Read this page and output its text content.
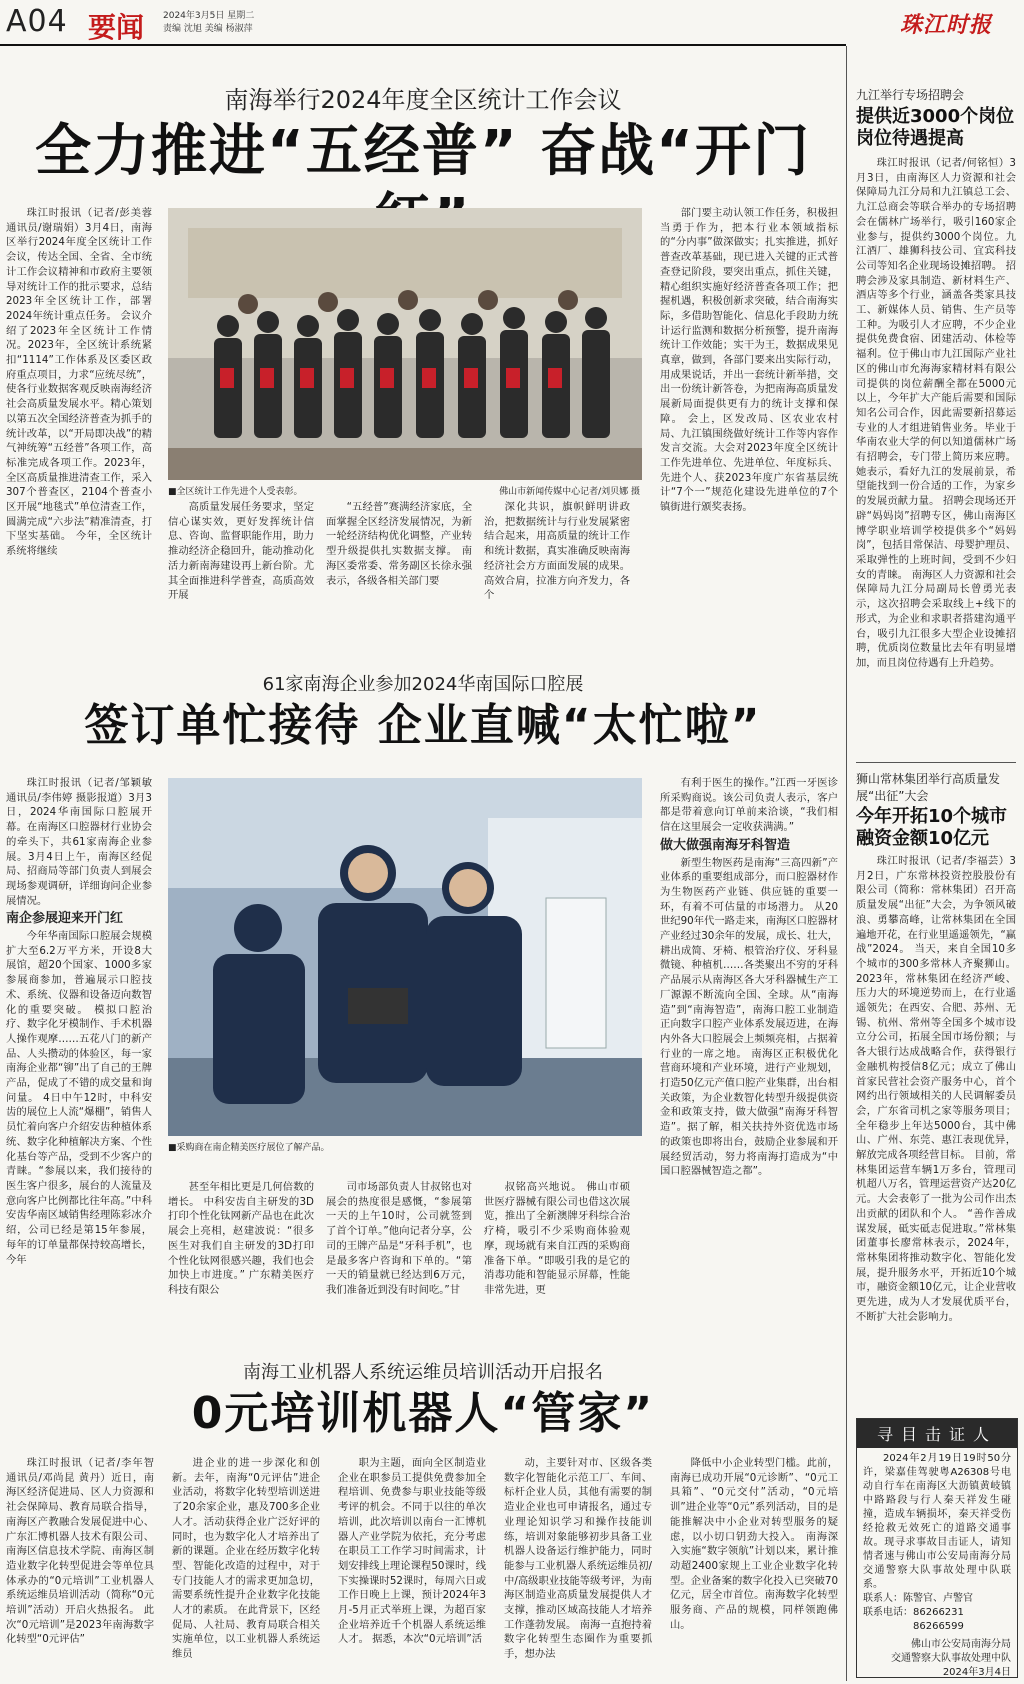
A04 要闻 2024年3月5日 星期二
责编 沈旭 美编 杨淑萍	珠江时报
南海举行2024年度全区统计工作会议
全力推进“五经普” 奋战“开门

珠江时报讯（记者/彭美蓉 通讯员/谢瑞娟）3月4日，南海区举行2024年度全区统计工作会议，传达全国、全省、全市统计工作会议精神和市政府主要领导对统计工作的批示要求，总结2023年全区统计工作，部署2024年统计重点任务。 会议介绍了2023年全区统计工作情况。2023年，全区统计系统紧扣“1114”工作体系及区委区政府重点项目，力求“应统尽统”，使各行业数据客观反映南海经济社会高质量发展水平。精心策划以第五次全国经济普查为抓手的统计改革，以“开局即决战”的精气神统筹“五经普”各项工作，高标准完成各项工作。2023年，全区高质量推进清查工作，采入307个普查区，2104个普查小区开展“地毯式”单位清查工作，圆满完成“六步法”精准清查，打下坚实基础。 今年，全区统计系统将继续

■全区统计工作先进个人受表彰。	佛山市新闻传媒中心记者/刘贝娜 摄

高质量发展任务要求，坚定信心谋实效，更好发挥统计信息、咨询、监督职能作用，助力推动经济企稳回升，能动推动化活力新南海建设再上新台阶。尤其全面推进科学普查，高质高效开展

“五经普”赛满经济家底，全面掌握全区经济发展情况，为新一轮经济结构优化调整，产业转型升级提供扎实数据支撑。 南海区委常委、常务副区长徐永强表示，各级各相关部门要

深化共识，旗帜鲜明讲政治，把数据统计与行业发展紧密结合起来，用高质量的统计工作和统计数据，真实准确反映南海经济社会方方面面发展的成果。高效合肩，拉准方向齐发力，各个

部门要主动认领工作任务，积极担当勇于作为，把本行业本领域指标的“分内事”做深做实；扎实推进，抓好普查改革基础，现已进入关键的正式普查登记阶段，要突出重点，抓住关键，精心组织实施好经济普查各项工作；把握机遇，积极创新求突破，结合南海实际，多借助智能化、信息化手段助力统计运行监测和数据分析预警，提升南海统计工作效能；实干为王，数据成果见真章，做到，各部门要来出实际行动，用成果说话，并出一套统计新举措，交出一份统计新答卷，为把南海高质量发展新局面提供更有力的统计支撑和保障。 会上，区发改局、区农业农村局、九江镇围绕做好统计工作等内容作发言交流。大会对2023年度全区统计工作先进单位、先进单位、年度标兵、先进个人、获2023年度广东省基层统计“7个一”规范化建设先进单位的7个镇街进行颁奖表扬。

61家南海企业参加2024华南国际口腔展
签订单忙接待 企业直喊“太忙啦”

珠江时报讯（记者/邹颖敏 通讯员/李伟婷 摄影报道）3月3日，2024华南国际口腔展开幕。在南海区口腔器材行业协会的牵头下，共61家南海企业参展。3月4日上午，南海区经促局、招商局等部门负责人到展会现场参观调研，详细询问企业参展情况。

南企参展迎来开门红

今年华南国际口腔展会规模扩大至6.2万平方米，开设8大展馆，超20个国家、1000多家参展商参加，普遍展示口腔技术、系统、仪器和设备迈向数智化的重要突破。 模拟口腔治疗、数字化牙模制作、手术机器人操作观摩……五花八门的新产品、人头攒动的体验区，每一家南海企业都“铆”出了自己的王牌产品，促成了不错的成交量和询问量。 4日中午12时，中科安齿的展位上人流“爆棚”，销售人员忙着向客户介绍安齿种植体系统、数字化种植解决方案、个性化基台等产品，受到不少客户的青睐。“参展以来，我们接待的医生客户很多，展台的人流量及意向客户比例都比往年高。”中科安齿华南区域销售经理陈彩冰介绍，公司已经是第15年参展，每年的订单量都保持较高增长，今年

■采购商在南企精美医疗展位了解产品。

甚至年相比更是几何倍数的增长。 中科安齿自主研发的3D打印个性化钛网新产品也在此次展会上亮相，赵建波说：“很多医生对我们自主研发的3D打印个性化钛网很感兴趣，我们也会加快上市进度。” 广东精美医疗科技有限公

司市场部负责人甘叔铭也对展会的热度很是感慨，“参展第一天的上午10时，公司就签到了首个订单。”他向记者分享，公司的王牌产品是“牙科手机”，也是最多客户咨询和下单的。“第一天的销量就已经达到6万元，我们准备近到没有时间吃。”甘

叔铭高兴地说。 佛山市硕世医疗器械有限公司也借这次展览，推出了全新澳牌牙科综合治疗椅，吸引不少采购商体验观摩，现场就有来自江西的采购商准备下单。“即吸引我的是它的消毒功能和智能显示屏幕，性能非常先进，更

有利于医生的操作。”江西一牙医诊所采购商说。该公司负责人表示，客户都是带着意向订单前来洽谈，“我们相信在这里展会一定收获满满。”

做大做强南海牙科智造

新型生物医药是南海“三高四新”产业体系的重要组成部分，而口腔器材作为生物医药产业链、供应链的重要一环，有着不可估量的市场潜力。 从20世纪90年代一路走来，南海区口腔器材产业经过30余年的发展，成长、壮大，耕出成简、牙椅、根管治疗仪、牙科显微镜、种植机……各类聚出不穷的牙科产品展示从南海区各大牙科器械生产工厂源源不断流向全国、全球。从“南海造”到“南海智造”，南海口腔工业制造正向数字口腔产业体系发展迈进，在海内外各大口腔展会上频频亮相，占据着行业的一席之地。 南海区正积极优化营商环境和产业环境，进行产业规划，打造50亿元产值口腔产业集群，出台相关政策，为企业数智化转型升级提供资金和政策支持，做大做强“南海牙科智造”。据了解，相关扶持外资优选市场的政策也即将出台，鼓励企业参展和开展经贸活动，努力将南海打造成为“中国口腔器械智造之都”。

南海工业机器人系统运维员培训活动开启报名
0元培训机器人“管家”

珠江时报讯（记者/李年智 通讯员/邓尚昆 黄丹）近日，南海区经济促进局、区人力资源和社会保障局、教育局联合指导，南海区产教融合发展促进中心、广东汇博机器人技术有限公司、南海区信息技术学院、南海区制造业数字化转型促进会等单位具体承办的“0元培训”工业机器人系统运维员培训活动（简称“0元培训”活动）开启火热报名。 此次“0元培训”是2023年南海数字化转型“0元评估”

进企业的进一步深化和创新。去年，南海“0元评估”进企业活动，将数字化转型培训送进了20余家企业，惠及700多企业人才。活动获得企业广泛好评的同时，也为数字化人才培养出了新的课题。企业在经历数字化转型、智能化改造的过程中，对于专门技能人才的需求更加急切，需要系统性提升企业数字化技能人才的素质。 在此背景下，区经促局、人社局、教育局联合相关实施单位，以工业机器人系统运维员

职为主题，面向全区制造业企业在职参员工提供免费参加全程培训、免费参与职业技能等级考评的机会。不同于以往的单次培训，此次培训以南台一汇博机器人产业学院为依托，充分考虑在职员工工作学习时间需求，计划安排线上理论课程50课时，线下实操课时52课时，每周六日或工作日晚上上课，预计2024年3月-5月正式举班上课，为超百家企业培养近千个机器人系统运维人才。 据悉，本次“0元培训”活

动，主要针对市、区级各类数字化智能化示范工厂、车间、标杆企业人员，其他有需要的制造业企业也可申请报名，通过专业理论知识学习和操作技能训练，培训对象能够初步具备工业机器人设备运行维护能力，同时能参与工业机器人系统运维员初/中/高级职业技能等级考评，为南海区制造业高质量发展提供人才支撑，推动区域高技能人才培养工作蓬勃发展。 南海一直抱持着数字化转型生态圈作为重要抓手，想办法

降低中小企业转型门槛。此前，南海已成功开展“0元诊断”、“0元工具箱”、“0元交付”活动，“0元培训”进企业等“0元”系列活动，目的是能推解决中小企业对转型服务的疑虑，以小切口钥劲大投入。 南海深入实施“数字领航”计划以来，累计推动超2400家规上工业企业数字化转型。企业备案的数字化投入已突破70亿元，居全市首位。南海数字化转型服务商、产品的规模，同样领跑佛山。

九江举行专场招聘会
提供近3000个岗位 岗位待遇提高

珠江时报讯（记者/何铭恒）3月3日，由南海区人力资源和社会保障局九江分局和九江镇总工会、九江总商会等联合举办的专场招聘会在儒林广场举行，吸引160家企业参与，提供约3000个岗位。九江酒厂、雄狮科技公司、宜宾科技公司等知名企业现场设摊招聘。 招聘会涉及家具制造、新材料生产、酒店等多个行业，涵盖各类家具技工、新媒体人员、销售、生产员等工种。为吸引人才应聘，不少企业提供免费食宿、团建活动、体检等福利。位于佛山市九江国际产业社区的佛山市允海海家精材料有限公司提供的岗位薪酬全都在5000元以上，今年扩大产能后需要和国际知名公司合作，因此需要新招募运专业的人才组进销售业务。毕业于华南农业大学的何以知道儒林广场有招聘会，专门带上简历来应聘。她表示，看好九江的发展前景，希望能找到一份合适的工作，为家乡的发展贡献力量。 招聘会现场还开辟“妈妈岗”招聘专区，佛山南海区博学职业培训学校提供多个“妈妈岗”，包括目常保洁、母婴护理员、采取弹性的上班时间，受到不少妇女的青睐。 南海区人力资源和社会保障局九江分局副局长曾勇光表示，这次招聘会采取线上+线下的形式，为企业和求职者搭建沟通平台，吸引九江很多大型企业设摊招聘，优质岗位数量比去年有明显增加，而且岗位待遇有上升趋势。

狮山常林集团举行高质量发展“出征”大会
今年开拓10个城市 融资金额10亿元

珠江时报讯（记者/李福芸）3月2日，广东常林投资控股股份有限公司（简称：常林集团）召开高质量发展“出征”大会，为争领风破浪、勇攀高峰，让常林集团在全国遍地开花，在行业里遥遥领先，“赢战”2024。 当天，来自全国10多个城市的300多常林人齐聚狮山。2023年，常林集团在经济严峻、压力大的环境逆势而上，在行业遥遥领先；在西安、合肥、苏州、无锡、杭州、常州等全国多个城市设立分公司，拓展全国市场份额；与各大银行达成战略合作，获得银行金融机构授信8亿元；成立了佛山首家民营社会资产服务中心，首个网约出行领域相关的人民调解委员会，广东省司机之家等服务项目；全年稳步上年达5000台，其中佛山、广州、东莞、惠江表现优异，解放完成各项经营目标。 目前，常林集团运营车辆1万多台，管理司机超八万名，管理运营资产达20亿元。大会表彰了一批为公司作出杰出贡献的团队和个人。 “善作善成谋发展，砥实砥志促进取。”常林集团董事长廖常林表示，2024年，常林集团将推动数字化、智能化发展，提升服务水平，开拓近10个城市，融资金额10亿元，让企业营收更先进，成为人才发展优质平台，不断扩大社会影响力。

寻目击证人

2024年2月19日19时50分许，梁嘉佳驾驶粤A26308号电动自行车在南海区大沥镇黄岐镇中路路段与行人秦天祥发生碰撞，造成车辆损坏，秦天祥受伤经抢救无效死亡的道路交通事故。现寻求事故目击证人，请知情者速与佛山市公安局南海分局交通警察大队事故处理中队联系。

联系人：陈警官、卢警官
联系电话：86266231
86266599
佛山市公安局南海分局
交通警察大队事故处理中队
2024年3月4日
